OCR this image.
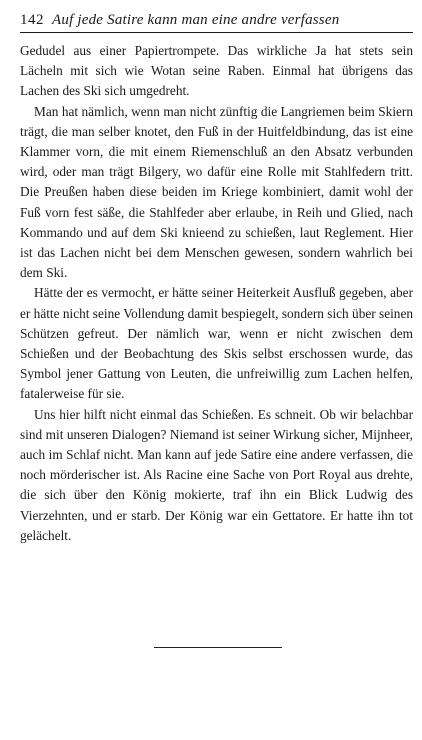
142 Auf jede Satire kann man eine andre verfassen

Gedudel aus einer Papiertrompete. Das wirkliche Ja hat stets sein Lächeln mit sich wie Wotan seine Raben. Einmal hat übrigens das Lachen des Ski sich umgedreht.

Man hat nämlich, wenn man nicht zünftig die Langriemen beim Skiern trägt, die man selber knotet, den Fuß in der Huitfeldbindung, das ist eine Klammer vorn, die mit einem Riemenschluß an den Absatz verbunden wird, oder man trägt Bilgery, wo dafür eine Rolle mit Stahlfedern tritt. Die Preußen haben diese beiden im Kriege kombiniert, damit wohl der Fuß vorn fest säße, die Stahlfeder aber erlaube, in Reih und Glied, nach Kommando und auf dem Ski knieend zu schießen, laut Reglement. Hier ist das Lachen nicht bei dem Menschen gewesen, sondern wahrlich bei dem Ski.

Hätte der es vermocht, er hätte seiner Heiterkeit Ausfluß gegeben, aber er hätte nicht seine Vollendung damit bespiegelt, sondern sich über seinen Schützen gefreut. Der nämlich war, wenn er nicht zwischen dem Schießen und der Beobachtung des Skis selbst erschossen wurde, das Symbol jener Gattung von Leuten, die unfreiwillig zum Lachen helfen, fatalerweise für sie.

Uns hier hilft nicht einmal das Schießen. Es schneit. Ob wir belachbar sind mit unseren Dialogen? Niemand ist seiner Wirkung sicher, Mijnheer, auch im Schlaf nicht. Man kann auf jede Satire eine andere verfassen, die noch mörderischer ist. Als Racine eine Sache von Port Royal aus drehte, die sich über den König mokierte, traf ihn ein Blick Ludwig des Vierzehnten, und er starb. Der König war ein Gettatore. Er hatte ihn tot gelächelt.
